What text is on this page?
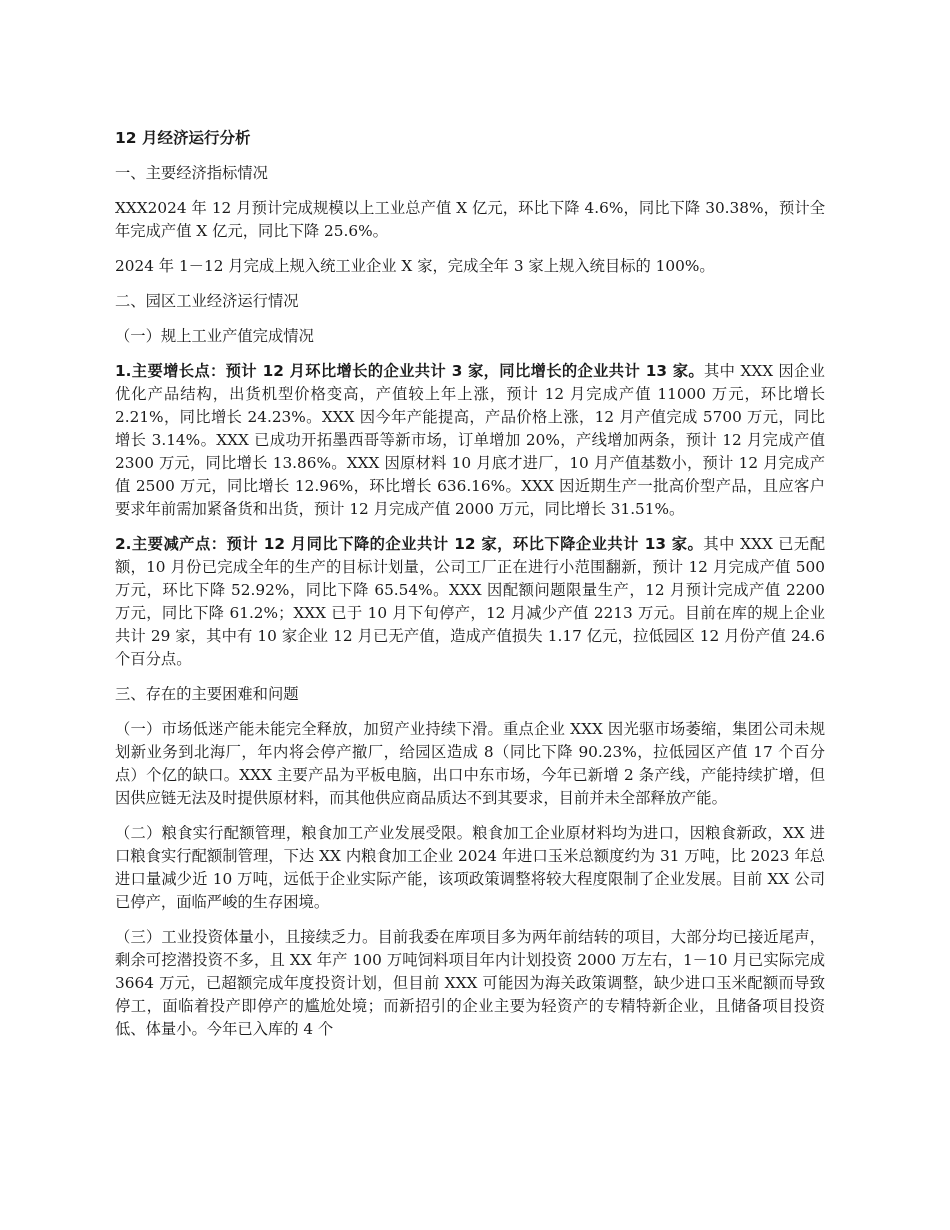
12 月经济运行分析

一、主要经济指标情况

XXX2024 年 12 月预计完成规模以上工业总产值 X 亿元，环比下降 4.6%，同比下降 30.38%，预计全年完成产值 X 亿元，同比下降 25.6%。

2024 年 1－12 月完成上规入统工业企业 X 家，完成全年 3 家上规入统目标的 100%。

二、园区工业经济运行情况

（一）规上工业产值完成情况

1.主要增长点：预计 12 月环比增长的企业共计 3 家，同比增长的企业共计 13 家。其中 XXX 因企业优化产品结构，出货机型价格变高，产值较上年上涨，预计 12 月完成产值 11000 万元，环比增长 2.21%，同比增长 24.23%。XXX 因今年产能提高，产品价格上涨，12 月产值完成 5700 万元，同比增长 3.14%。XXX 已成功开拓墨西哥等新市场，订单增加 20%，产线增加两条，预计 12 月完成产值 2300 万元，同比增长 13.86%。XXX 因原材料 10 月底才进厂，10 月产值基数小，预计 12 月完成产值 2500 万元，同比增长 12.96%，环比增长 636.16%。XXX 因近期生产一批高价型产品，且应客户要求年前需加紧备货和出货，预计 12 月完成产值 2000 万元，同比增长 31.51%。

2.主要减产点：预计 12 月同比下降的企业共计 12 家，环比下降企业共计 13 家。其中 XXX 已无配额，10 月份已完成全年的生产的目标计划量，公司工厂正在进行小范围翻新，预计 12 月完成产值 500 万元，环比下降 52.92%，同比下降 65.54%。XXX 因配额问题限量生产，12 月预计完成产值 2200 万元，同比下降 61.2%；XXX 已于 10 月下旬停产，12 月减少产值 2213 万元。目前在库的规上企业共计 29 家，其中有 10 家企业 12 月已无产值，造成产值损失 1.17 亿元，拉低园区 12 月份产值 24.6 个百分点。

三、存在的主要困难和问题

（一）市场低迷产能未能完全释放，加贸产业持续下滑。重点企业 XXX 因光驱市场萎缩，集团公司未规划新业务到北海厂，年内将会停产撤厂，给园区造成 8（同比下降 90.23%，拉低园区产值 17 个百分点）个亿的缺口。XXX 主要产品为平板电脑，出口中东市场，今年已新增 2 条产线，产能持续扩增，但因供应链无法及时提供原材料，而其他供应商品质达不到其要求，目前并未全部释放产能。

（二）粮食实行配额管理，粮食加工产业发展受限。粮食加工企业原材料均为进口，因粮食新政，XX 进口粮食实行配额制管理，下达 XX 内粮食加工企业 2024 年进口玉米总额度约为 31 万吨，比 2023 年总进口量减少近 10 万吨，远低于企业实际产能，该项政策调整将较大程度限制了企业发展。目前 XX 公司已停产，面临严峻的生存困境。

（三）工业投资体量小，且接续乏力。目前我委在库项目多为两年前结转的项目，大部分均已接近尾声，剩余可挖潜投资不多，且 XX 年产 100 万吨饲料项目年内计划投资 2000 万左右，1－10 月已实际完成 3664 万元，已超额完成年度投资计划，但目前 XXX 可能因为海关政策调整，缺少进口玉米配额而导致停工，面临着投产即停产的尴尬处境；而新招引的企业主要为轻资产的专精特新企业，且储备项目投资低、体量小。今年已入库的 4 个
